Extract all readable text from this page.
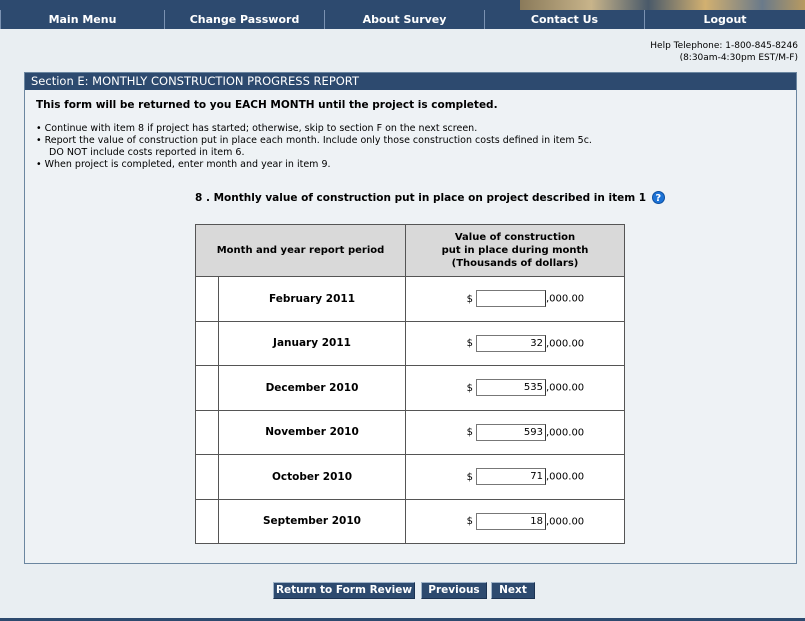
Main Menu	Change Password	About Survey	Contact Us	Logout
Help Telephone: 1-800-845-8246
(8:30am-4:30pm EST/M-F)
Section E: MONTHLY CONSTRUCTION PROGRESS REPORT
This form will be returned to you EACH MONTH until the project is completed.
• Continue with item 8 if project has started; otherwise, skip to section F on the next screen.
• Report the value of construction put in place each month. Include only those construction costs defined in item 5c.
DO NOT include costs reported in item 6.
• When project is completed, enter month and year in item 9.
8 . Monthly value of construction put in place on project described in item 1 ?
Month and year report period		Value of construction
put in place during month
(Thousands of dollars)

	February 2011	$ ,000.00
	January 2011	$ 32 ,000.00
	December 2010	$ 535 ,000.00
	November 2010	$ 593 ,000.00
	October 2010	$ 71 ,000.00
	September 2010	$ 18 ,000.00
Return to Form Review	Previous	Next
